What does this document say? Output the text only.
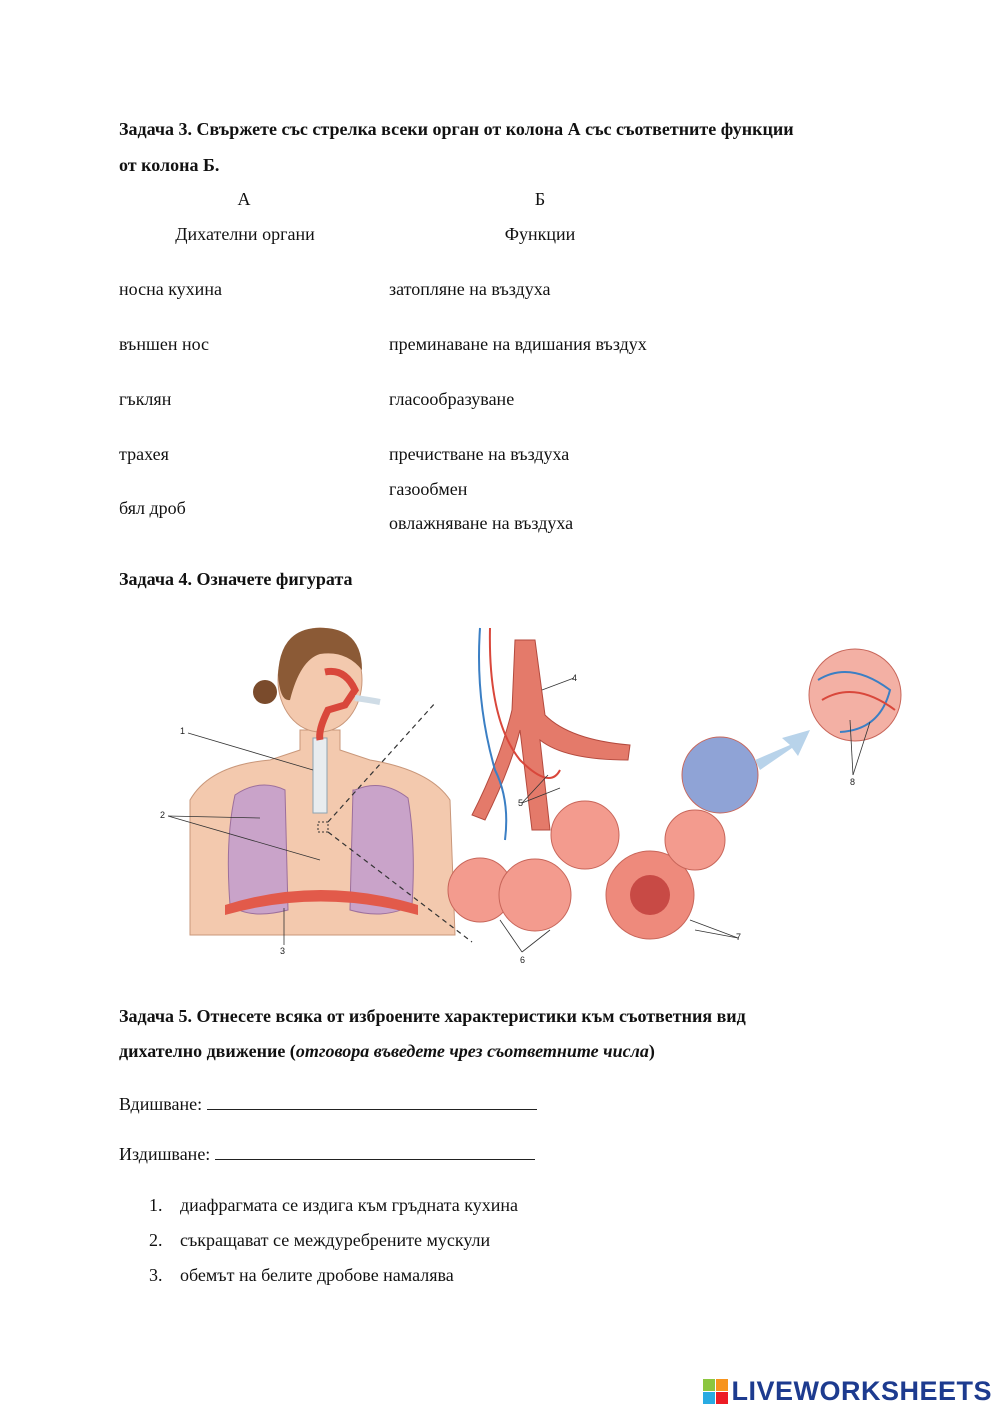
Задача 3. Свържете със стрелка всеки орган от колона А със съответните функции
от колона Б.
А	Б
Дихателни органи	Функции
носна кухина
външен нос
гъклян
трахея
бял дроб
затопляне на въздуха
преминаване на вдишания въздух
гласообразуване
пречистване на въздуха
газообмен
овлажняване на въздуха
Задача 4. Означете фигурата
1
2
3
4
5
6
7
8
Задача 5. Отнесете всяка от изброените характеристики към съответния вид
дихателно движение (отговора въведете чрез съответните числа)
Вдишване:
Издишване:
1. диафрагмата се издига към гръдната кухина
2. съкращават се междуребрените мускули
3. обемът на белите дробове намалява
LIVEWORKSHEETS
